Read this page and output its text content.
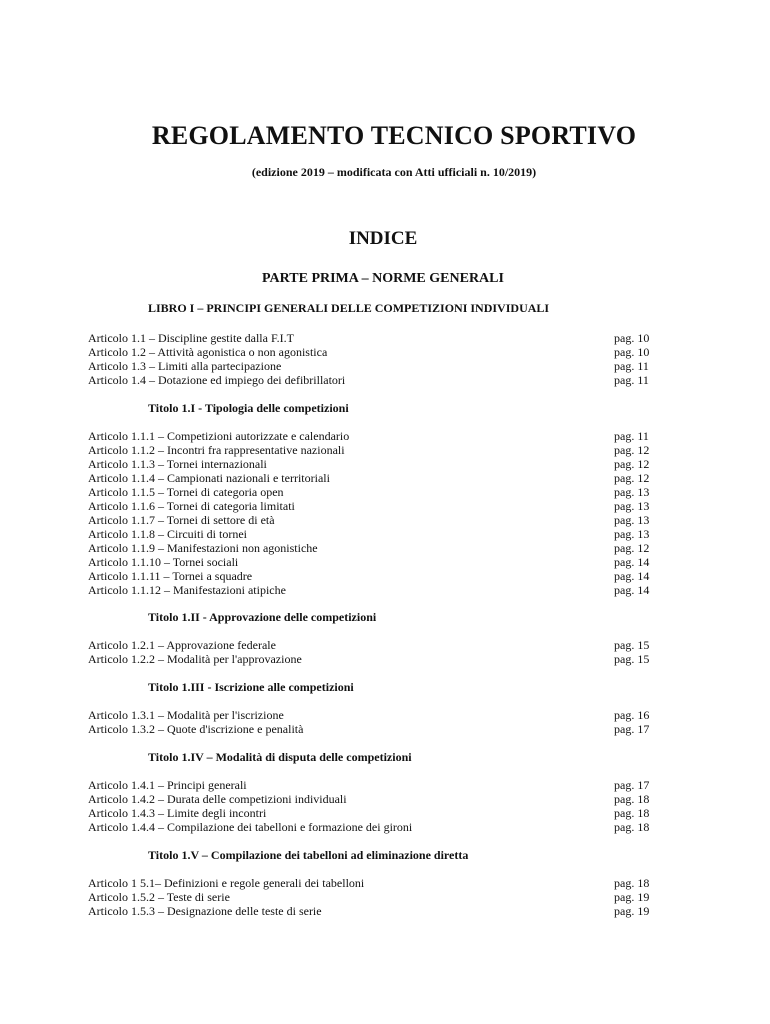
REGOLAMENTO TECNICO SPORTIVO
(edizione 2019 – modificata con Atti ufficiali n. 10/2019)
INDICE
PARTE PRIMA – NORME GENERALI
LIBRO I – PRINCIPI GENERALI DELLE COMPETIZIONI INDIVIDUALI
Articolo 1.1 – Discipline gestite dalla F.I.T	pag. 10
Articolo 1.2 – Attività agonistica o non agonistica	pag. 10
Articolo 1.3 – Limiti alla partecipazione	pag. 11
Articolo 1.4 – Dotazione ed impiego dei defibrillatori	pag. 11
Titolo 1.I - Tipologia delle competizioni
Articolo 1.1.1 – Competizioni autorizzate e calendario	pag. 11
Articolo 1.1.2 – Incontri fra rappresentative nazionali	pag. 12
Articolo 1.1.3 – Tornei internazionali	pag. 12
Articolo 1.1.4 – Campionati nazionali e territoriali	pag. 12
Articolo 1.1.5 – Tornei di categoria open	pag. 13
Articolo 1.1.6 – Tornei di categoria limitati	pag. 13
Articolo 1.1.7 – Tornei di settore di età	pag. 13
Articolo 1.1.8 – Circuiti di tornei	pag. 13
Articolo 1.1.9 – Manifestazioni non agonistiche	pag. 12
Articolo 1.1.10 – Tornei sociali	pag. 14
Articolo 1.1.11 – Tornei a squadre	pag. 14
Articolo 1.1.12 – Manifestazioni atipiche	pag. 14
Titolo 1.II - Approvazione delle competizioni
Articolo 1.2.1 – Approvazione federale	pag. 15
Articolo 1.2.2 – Modalità per l'approvazione	pag. 15
Titolo 1.III - Iscrizione alle competizioni
Articolo 1.3.1 – Modalità per l'iscrizione	pag. 16
Articolo 1.3.2 – Quote d'iscrizione e penalità	pag. 17
Titolo 1.IV – Modalità di disputa delle competizioni
Articolo 1.4.1 – Principi generali	pag. 17
Articolo 1.4.2 – Durata delle competizioni individuali	pag. 18
Articolo 1.4.3 – Limite degli incontri	pag. 18
Articolo 1.4.4 – Compilazione dei tabelloni e formazione dei gironi	pag. 18
Titolo 1.V – Compilazione dei tabelloni ad eliminazione diretta
Articolo 1 5.1– Definizioni e regole generali dei tabelloni	pag. 18
Articolo 1.5.2 – Teste di serie	pag. 19
Articolo 1.5.3 – Designazione delle teste di serie	pag. 19
